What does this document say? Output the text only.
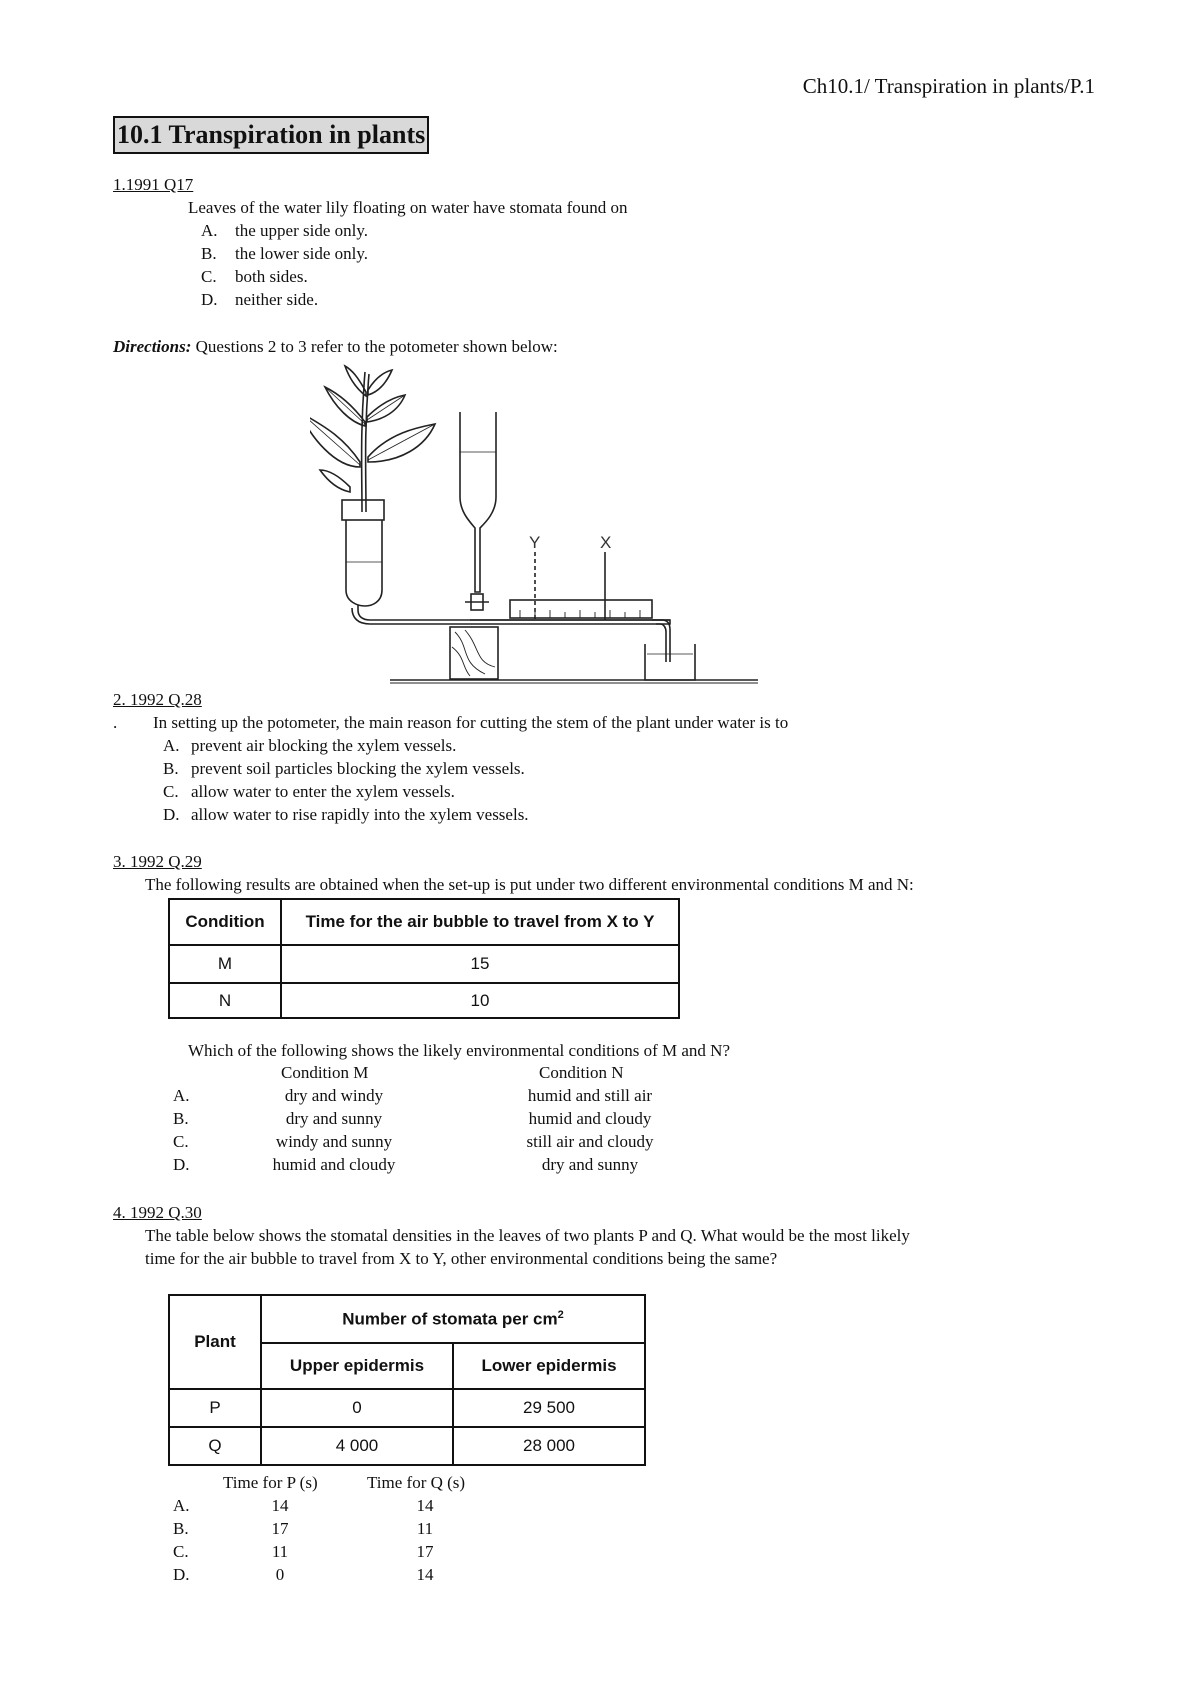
Ch10.1/ Transpiration in plants/P.1
10.1 Transpiration in plants
1.1991 Q17
Leaves of the water lily floating on water have stomata found on
A. the upper side only.
B. the lower side only.
C. both sides.
D. neither side.
Directions: Questions 2 to 3 refer to the potometer shown below:
Y	X
2. 1992 Q.28
. In setting up the potometer, the main reason for cutting the stem of the plant under water is to
A. prevent air blocking the xylem vessels.
B. prevent soil particles blocking the xylem vessels.
C. allow water to enter the xylem vessels.
D. allow water to rise rapidly into the xylem vessels.
3. 1992 Q.29
The following results are obtained when the set-up is put under two different environmental conditions M and N:
Condition	Time for the air bubble to travel from X to Y
M	15
N	10
Which of the following shows the likely environmental conditions of M and N?
Condition M	Condition N
A.	dry and windy	humid and still air
B.	dry and sunny	humid and cloudy
C.	windy and sunny	still air and cloudy
D.	humid and cloudy	dry and sunny
4. 1992 Q.30
The table below shows the stomatal densities in the leaves of two plants P and Q. What would be the most likely
time for the air bubble to travel from X to Y, other environmental conditions being the same?
Plant	Number of stomata per $cm^2$
	Upper epidermis	Lower epidermis
P	0	29 500
Q	4 000	28 000
Time for P (s)	Time for Q (s)
A.	14	14
B.	17	11
C.	11	17
D.	0	14
